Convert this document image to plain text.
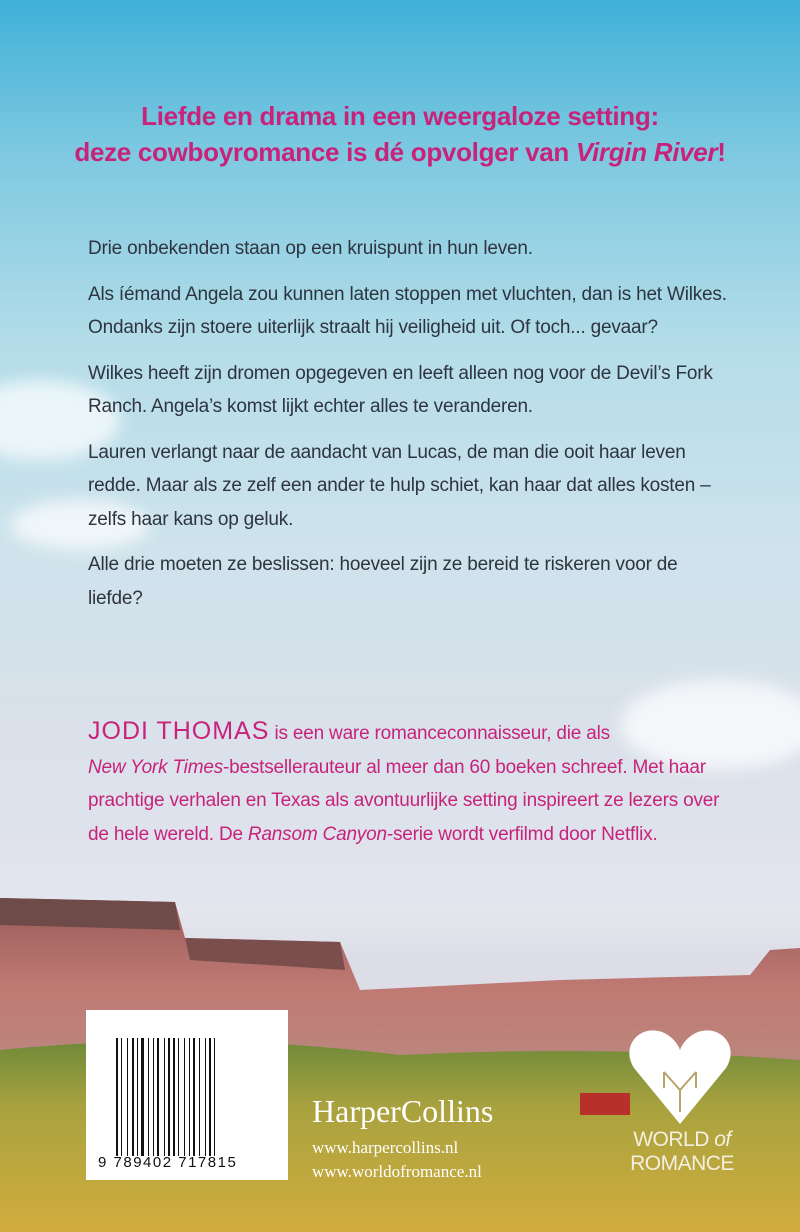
Liefde en drama in een weergaloze setting:
deze cowboyromance is dé opvolger van Virgin River!

Drie onbekenden staan op een kruispunt in hun leven.

Als íémand Angela zou kunnen laten stoppen met vluchten, dan is het Wilkes. Ondanks zijn stoere uiterlijk straalt hij veiligheid uit. Of toch... gevaar?

Wilkes heeft zijn dromen opgegeven en leeft alleen nog voor de Devil’s Fork Ranch. Angela’s komst lijkt echter alles te veranderen.

Lauren verlangt naar de aandacht van Lucas, de man die ooit haar leven redde. Maar als ze zelf een ander te hulp schiet, kan haar dat alles kosten – zelfs haar kans op geluk.

Alle drie moeten ze beslissen: hoeveel zijn ze bereid te riskeren voor de liefde?

JODI THOMAS is een ware romanceconnaisseur, die als
New York Times-bestsellerauteur al meer dan 60 boeken schreef. Met haar prachtige verhalen en Texas als avontuurlijke setting inspireert ze lezers over de hele wereld. De Ransom Canyon-serie wordt verfilmd door Netflix.
9 789402 717815
HarperCollins
www.harpercollins.nl
www.worldofromance.nl
WORLD of
ROMANCE
